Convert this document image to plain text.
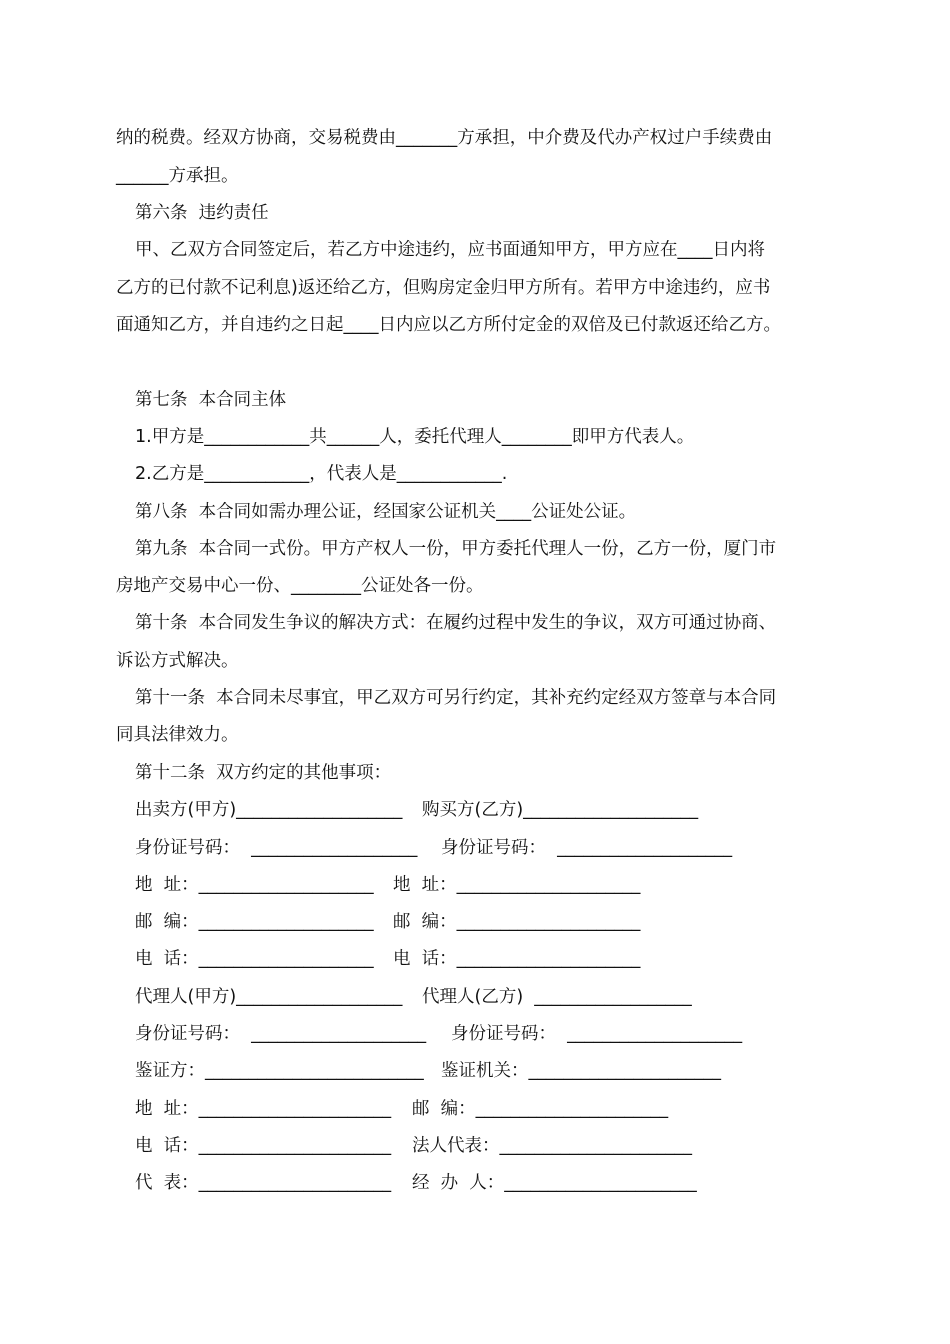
纳的税费。经双方协商，交易税费由_______方承担，中介费及代办产权过户手续费由
______方承担。
第六条  违约责任
甲、乙双方合同签定后，若乙方中途违约，应书面通知甲方，甲方应在____日内将
乙方的已付款不记利息)返还给乙方，但购房定金归甲方所有。若甲方中途违约，应书
面通知乙方，并自违约之日起____日内应以乙方所付定金的双倍及已付款返还给乙方。
第七条  本合同主体
1.甲方是____________共______人，委托代理人________即甲方代表人。
2.乙方是____________，代表人是____________.
第八条  本合同如需办理公证，经国家公证机关____公证处公证。
第九条  本合同一式份。甲方产权人一份，甲方委托代理人一份，乙方一份，厦门市
房地产交易中心一份、________公证处各一份。
第十条  本合同发生争议的解决方式：在履约过程中发生的争议，双方可通过协商、
诉讼方式解决。
第十一条  本合同未尽事宜，甲乙双方可另行约定，其补充约定经双方签章与本合同
同具法律效力。
第十二条  双方约定的其他事项：
出卖方(甲方)___________________ 购买方(乙方)____________________
身份证号码：  ___________________ 身份证号码：  ____________________
地  址：____________________ 地  址：_____________________
邮  编：____________________ 邮  编：_____________________
电  话：____________________ 电  话：_____________________
代理人(甲方)___________________ 代理人(乙方)  __________________
身份证号码：  ____________________ 身份证号码：  ____________________
鉴证方：_________________________ 鉴证机关：______________________
地  址：______________________ 邮  编：______________________
电  话：______________________ 法人代表：______________________
代  表：______________________ 经  办  人：______________________
